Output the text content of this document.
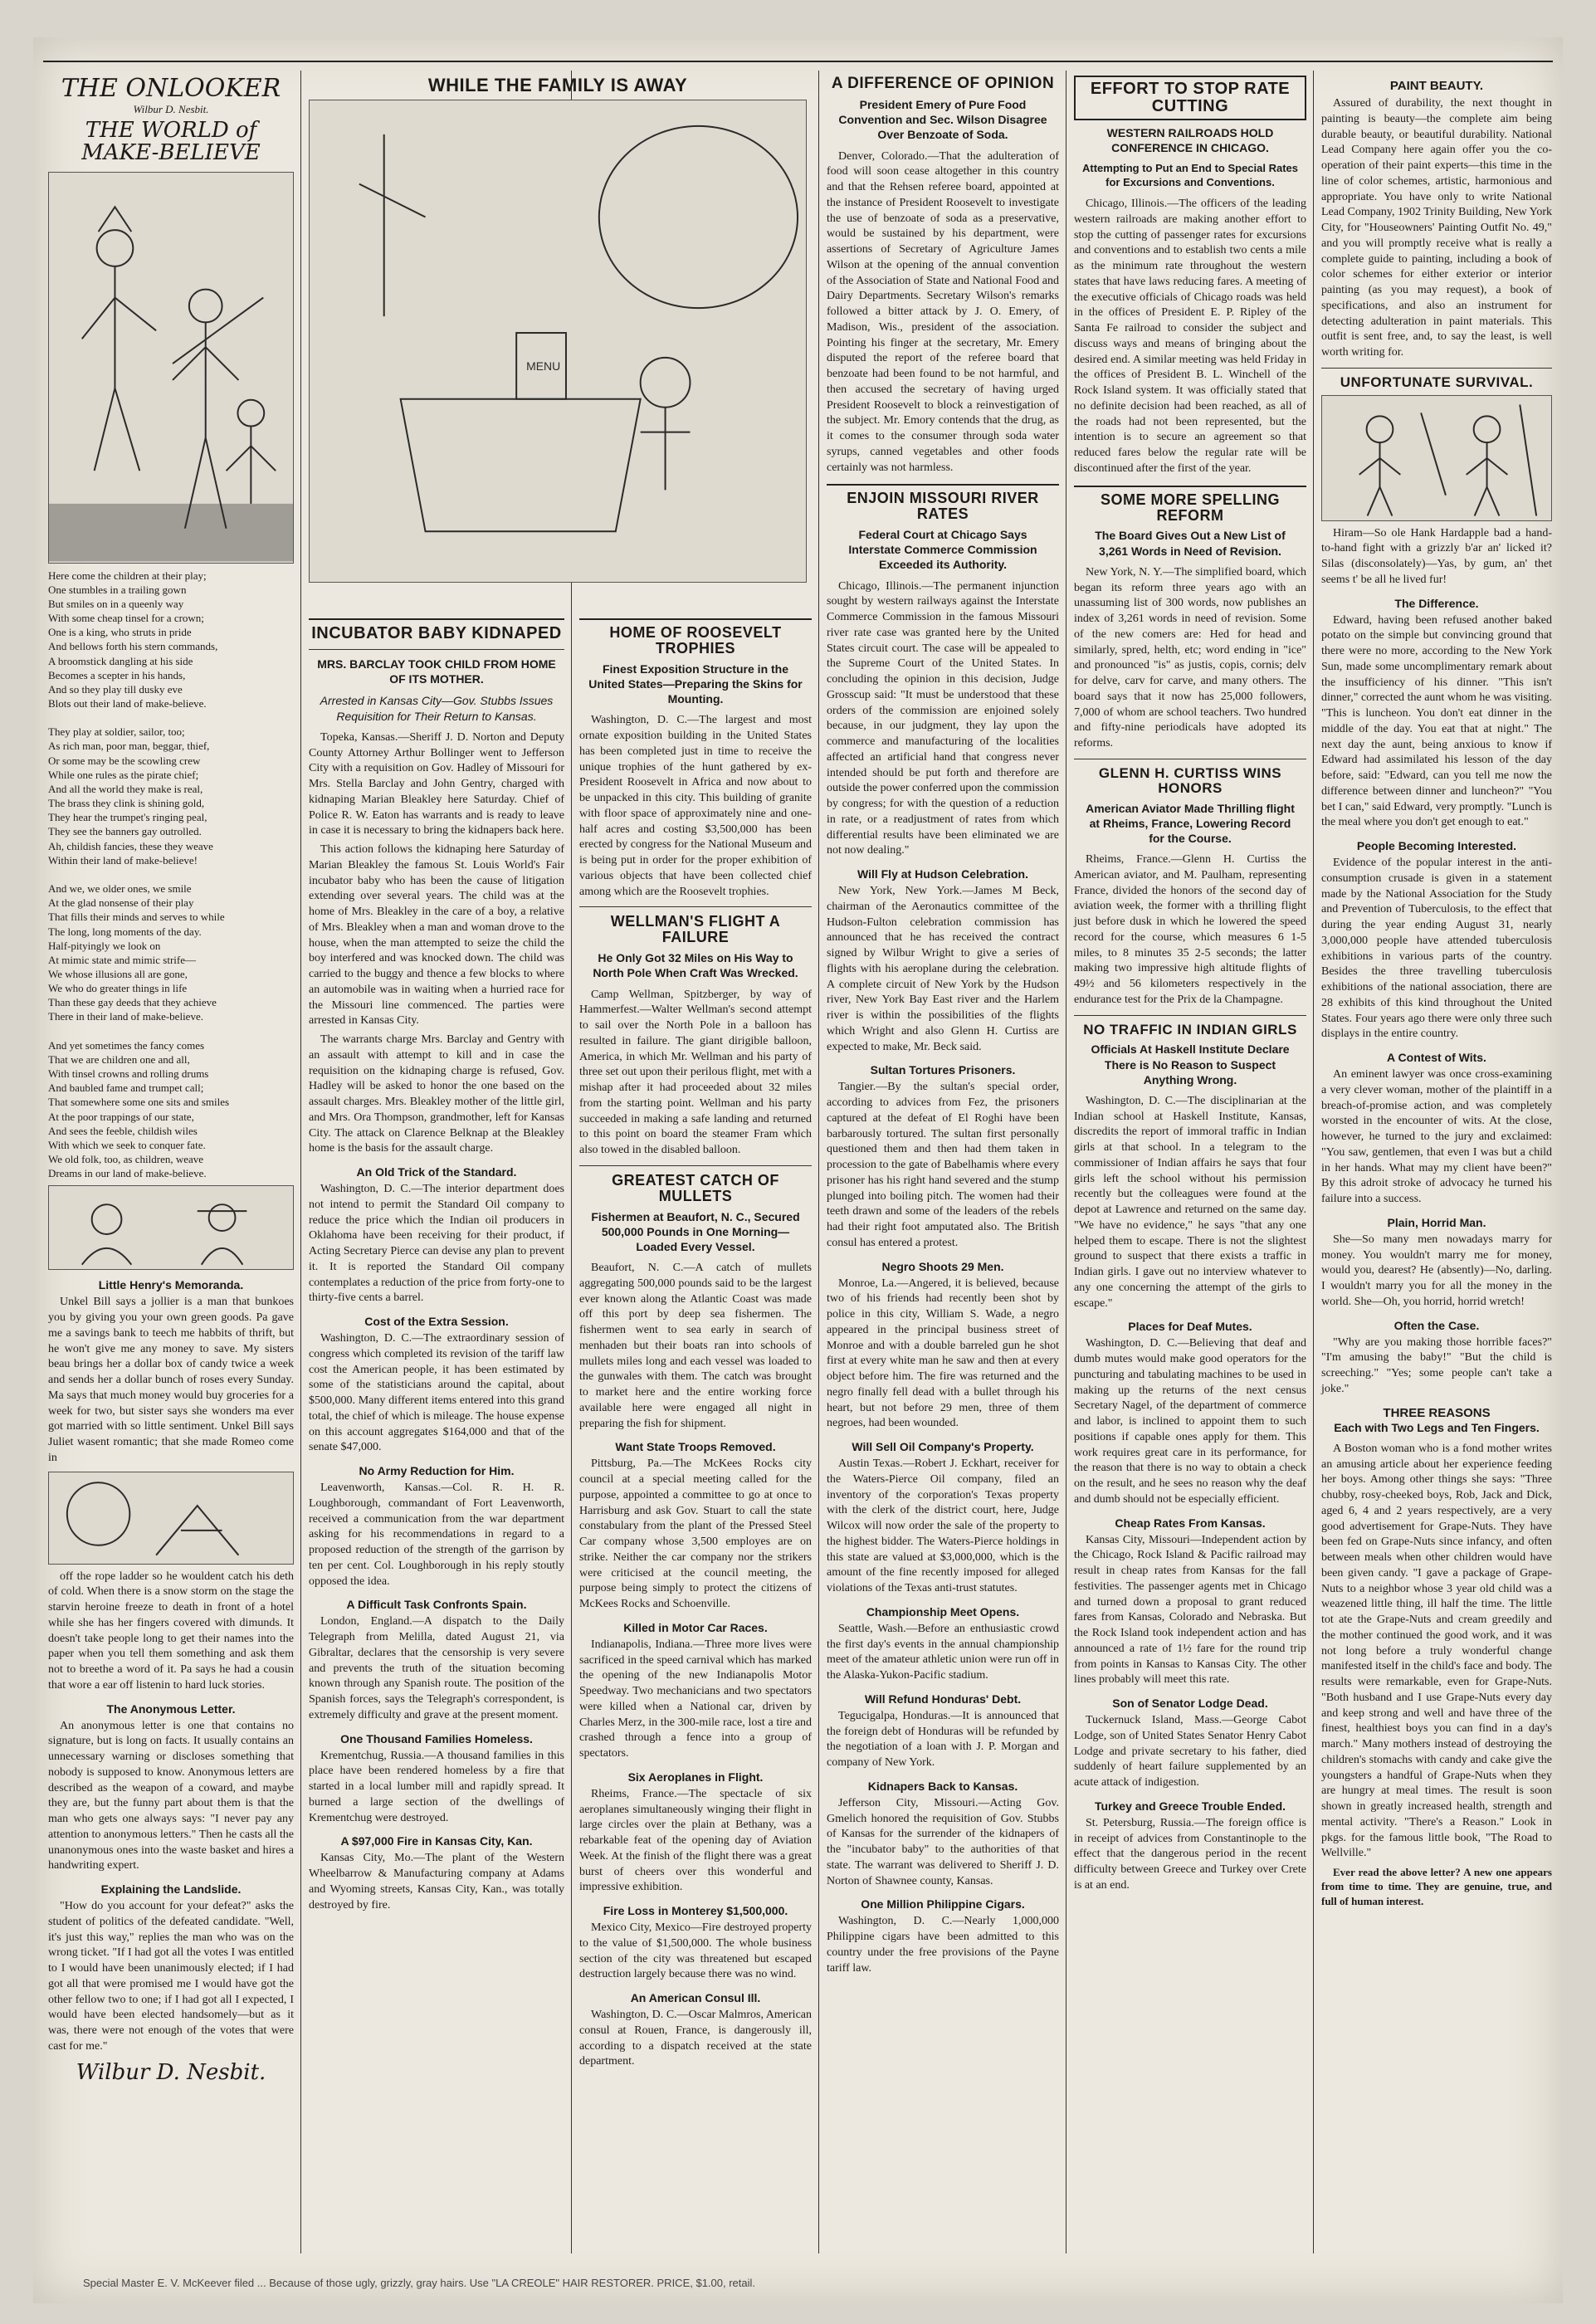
THE ONLOOKER
Wilbur D. Nesbit.
THE WORLD of MAKE-BELIEVE

Here come the children at their play;
One stumbles in a trailing gown
But smiles on in a queenly way
With some cheap tinsel for a crown;
One is a king, who struts in pride
And bellows forth his stern commands,
A broomstick dangling at his side
Becomes a scepter in his hands,
And so they play till dusky eve
Blots out their land of make-believe.

They play at soldier, sailor, too;
As rich man, poor man, beggar, thief,
Or some may be the scowling crew
While one rules as the pirate chief;
And all the world they make is real,
The brass they clink is shining gold,
They hear the trumpet's ringing peal,
They see the banners gay outrolled.
Ah, childish fancies, these they weave
Within their land of make-believe!

And we, we older ones, we smile
At the glad nonsense of their play
That fills their minds and serves to while
The long, long moments of the day.
Half-pityingly we look on
At mimic state and mimic strife—
We whose illusions all are gone,
We who do greater things in life
Than these gay deeds that they achieve
There in their land of make-believe.

And yet sometimes the fancy comes
That we are children one and all,
With tinsel crowns and rolling drums
And baubled fame and trumpet call;
That somewhere some one sits and smiles
At the poor trappings of our state,
And sees the feeble, childish wiles
With which we seek to conquer fate.
We old folk, too, as children, weave
Dreams in our land of make-believe.

Little Henry's Memoranda.

Unkel Bill says a jollier is a man that bunkoes you by giving you your own green goods. Pa gave me a savings bank to teech me habbits of thrift, but he won't give me any money to save. My sisters beau brings her a dollar box of candy twice a week and sends her a dollar bunch of roses every Sunday. Ma says that much money would buy groceries for a week for two, but sister says she wonders ma ever got married with so little sentiment. Unkel Bill says Juliet wasent romantic; that she made Romeo come in

off the rope ladder so he wouldent catch his deth of cold. When there is a snow storm on the stage the starvin heroine freeze to death in front of a hotel while she has her fingers covered with dimunds. It doesn't take people long to get their names into the paper when you tell them something and ask them not to breethe a word of it. Pa says he had a cousin that wore a ear off listenin to hard luck stories.

The Anonymous Letter.

An anonymous letter is one that contains no signature, but is long on facts. It usually contains an unnecessary warning or discloses something that nobody is supposed to know. Anonymous letters are described as the weapon of a coward, and maybe they are, but the funny part about them is that the man who gets one always says: "I never pay any attention to anonymous letters." Then he casts all the unanonymous ones into the waste basket and hires a handwriting expert.

Explaining the Landslide.

"How do you account for your defeat?" asks the student of politics of the defeated candidate. "Well, it's just this way," replies the man who was on the wrong ticket. "If I had got all the votes I was entitled to I would have been unanimously elected; if I had got all that were promised me I would have got the other fellow two to one; if I had got all I expected, I would have been elected handsomely—but as it was, there were not enough of the votes that were cast for me."

Wilbur D. Nesbit.
WHILE THE FAMILY IS AWAY
MENU
INCUBATOR BABY KIDNAPED
MRS. BARCLAY TOOK CHILD FROM HOME OF ITS MOTHER.
Arrested in Kansas City—Gov. Stubbs Issues Requisition for Their Return to Kansas.

Topeka, Kansas.—Sheriff J. D. Norton and Deputy County Attorney Arthur Bollinger went to Jefferson City with a requisition on Gov. Hadley of Missouri for Mrs. Stella Barclay and John Gentry, charged with kidnaping Marian Bleakley here Saturday. Chief of Police R. W. Eaton has warrants and is ready to leave in case it is necessary to bring the kidnapers back here.

This action follows the kidnaping here Saturday of Marian Bleakley the famous St. Louis World's Fair incubator baby who has been the cause of litigation extending over several years. The child was at the home of Mrs. Bleakley in the care of a boy, a relative of Mrs. Bleakley when a man and woman drove to the house, when the man attempted to seize the child the boy interfered and was knocked down. The child was carried to the buggy and thence a few blocks to where an automobile was in waiting when a hurried race for the Missouri line commenced. The parties were arrested in Kansas City.

The warrants charge Mrs. Barclay and Gentry with an assault with attempt to kill and in case the requisition on the kidnaping charge is refused, Gov. Hadley will be asked to honor the one based on the assault charges. Mrs. Bleakley mother of the little girl, and Mrs. Ora Thompson, grandmother, left for Kansas City. The attack on Clarence Belknap at the Bleakley home is the basis for the assault charge.

An Old Trick of the Standard.

Washington, D. C.—The interior department does not intend to permit the Standard Oil company to reduce the price which the Indian oil producers in Oklahoma have been receiving for their product, if Acting Secretary Pierce can devise any plan to prevent it. It is reported the Standard Oil company contemplates a reduction of the price from forty-one to thirty-five cents a barrel.

Cost of the Extra Session.

Washington, D. C.—The extraordinary session of congress which completed its revision of the tariff law cost the American people, it has been estimated by some of the statisticians around the capital, about $500,000. Many different items entered into this grand total, the chief of which is mileage. The house expense on this account aggregates $164,000 and that of the senate $47,000.

No Army Reduction for Him.

Leavenworth, Kansas.—Col. R. H. R. Loughborough, commandant of Fort Leavenworth, received a communication from the war department asking for his recommendations in regard to a proposed reduction of the strength of the garrison by ten per cent. Col. Loughborough in his reply stoutly opposed the idea.

A Difficult Task Confronts Spain.

London, England.—A dispatch to the Daily Telegraph from Melilla, dated August 21, via Gibraltar, declares that the censorship is very severe and prevents the truth of the situation becoming known through any Spanish route. The position of the Spanish forces, says the Telegraph's correspondent, is extremely difficulty and grave at the present moment.

One Thousand Families Homeless.

Krementchug, Russia.—A thousand families in this place have been rendered homeless by a fire that started in a local lumber mill and rapidly spread. It burned a large section of the dwellings of Krementchug were destroyed.

A $97,000 Fire in Kansas City, Kan.

Kansas City, Mo.—The plant of the Western Wheelbarrow & Manufacturing company at Adams and Wyoming streets, Kansas City, Kan., was totally destroyed by fire.

HOME OF ROOSEVELT TROPHIES
Finest Exposition Structure in the United States—Preparing the Skins for Mounting.

Washington, D. C.—The largest and most ornate exposition building in the United States has been completed just in time to receive the unique trophies of the hunt gathered by ex-President Roosevelt in Africa and now about to be unpacked in this city. This building of granite with floor space of approximately nine and one-half acres and costing $3,500,000 has been erected by congress for the National Museum and is being put in order for the proper exhibition of various objects that have been collected chief among which are the Roosevelt trophies.

WELLMAN'S FLIGHT A FAILURE
He Only Got 32 Miles on His Way to North Pole When Craft Was Wrecked.

Camp Wellman, Spitzberger, by way of Hammerfest.—Walter Wellman's second attempt to sail over the North Pole in a balloon has resulted in failure. The giant dirigible balloon, America, in which Mr. Wellman and his party of three set out upon their perilous flight, met with a mishap after it had proceeded about 32 miles from the starting point. Wellman and his party succeeded in making a safe landing and returned to this point on board the steamer Fram which also towed in the disabled balloon.

GREATEST CATCH OF MULLETS
Fishermen at Beaufort, N. C., Secured 500,000 Pounds in One Morning—Loaded Every Vessel.

Beaufort, N. C.—A catch of mullets aggregating 500,000 pounds said to be the largest ever known along the Atlantic Coast was made off this port by deep sea fishermen. The fishermen went to sea early in search of menhaden but their boats ran into schools of mullets miles long and each vessel was loaded to the gunwales with them. The catch was brought to market here and the entire working force available here were engaged all night in preparing the fish for shipment.

Want State Troops Removed.

Pittsburg, Pa.—The McKees Rocks city council at a special meeting called for the purpose, appointed a committee to go at once to Harrisburg and ask Gov. Stuart to call the state constabulary from the plant of the Pressed Steel Car company whose 3,500 employes are on strike. Neither the car company nor the strikers were criticised at the council meeting, the purpose being simply to protect the citizens of McKees Rocks and Schoenville.

Killed in Motor Car Races.

Indianapolis, Indiana.—Three more lives were sacrificed in the speed carnival which has marked the opening of the new Indianapolis Motor Speedway. Two mechanicians and two spectators were killed when a National car, driven by Charles Merz, in the 300-mile race, lost a tire and crashed through a fence into a group of spectators.

Six Aeroplanes in Flight.

Rheims, France.—The spectacle of six aeroplanes simultaneously winging their flight in large circles over the plain at Bethany, was a rebarkable feat of the opening day of Aviation Week. At the finish of the flight there was a great burst of cheers over this wonderful and impressive exhibition.

Fire Loss in Monterey $1,500,000.

Mexico City, Mexico—Fire destroyed property to the value of $1,500,000. The whole business section of the city was threatened but escaped destruction largely because there was no wind.

An American Consul Ill.

Washington, D. C.—Oscar Malmros, American consul at Rouen, France, is dangerously ill, according to a dispatch received at the state department.

A DIFFERENCE OF OPINION
President Emery of Pure Food Convention and Sec. Wilson Disagree Over Benzoate of Soda.

Denver, Colorado.—That the adulteration of food will soon cease altogether in this country and that the Rehsen referee board, appointed at the instance of President Roosevelt to investigate the use of benzoate of soda as a preservative, would be sustained by his department, were assertions of Secretary of Agriculture James Wilson at the opening of the annual convention of the Association of State and National Food and Dairy Departments. Secretary Wilson's remarks followed a bitter attack by J. O. Emery, of Madison, Wis., president of the association. Pointing his finger at the secretary, Mr. Emery disputed the report of the referee board that benzoate had been found to be not harmful, and then accused the secretary of having urged President Roosevelt to block a reinvestigation of the subject. Mr. Emory contends that the drug, as it comes to the consumer through soda water syrups, canned vegetables and other foods certainly was not harmless.

ENJOIN MISSOURI RIVER RATES
Federal Court at Chicago Says Interstate Commerce Commission Exceeded its Authority.

Chicago, Illinois.—The permanent injunction sought by western railways against the Interstate Commerce Commission in the famous Missouri river rate case was granted here by the United States circuit court. The case will be appealed to the Supreme Court of the United States. In concluding the opinion in this decision, Judge Grosscup said: "It must be understood that these orders of the commission are enjoined solely because, in our judgment, they lay upon the commerce and manufacturing of the localities affected an artificial hand that congress never intended should be put forth and therefore are outside the power conferred upon the commission by congress; for with the question of a reduction in rate, or a readjustment of rates from which differential results have been eliminated we are not now dealing."

Will Fly at Hudson Celebration.

New York, New York.—James M Beck, chairman of the Aeronautics committee of the Hudson-Fulton celebration commission has announced that he has received the contract signed by Wilbur Wright to give a series of flights with his aeroplane during the celebration. A complete circuit of New York by the Hudson river, New York Bay East river and the Harlem river is within the possibilities of the flights which Wright and also Glenn H. Curtiss are expected to make, Mr. Beck said.

Sultan Tortures Prisoners.

Tangier.—By the sultan's special order, according to advices from Fez, the prisoners captured at the defeat of El Roghi have been barbarously tortured. The sultan first personally questioned them and then had them taken in procession to the gate of Babelhamis where every prisoner has his right hand severed and the stump plunged into boiling pitch. The women had their teeth drawn and some of the leaders of the rebels had their right foot amputated also. The British consul has entered a protest.

Negro Shoots 29 Men.

Monroe, La.—Angered, it is believed, because two of his friends had recently been shot by police in this city, William S. Wade, a negro appeared in the principal business street of Monroe and with a double barreled gun he shot first at every white man he saw and then at every object before him. The fire was returned and the negro finally fell dead with a bullet through his heart, but not before 29 men, three of them negroes, had been wounded.

Will Sell Oil Company's Property.

Austin Texas.—Robert J. Eckhart, receiver for the Waters-Pierce Oil company, filed an inventory of the corporation's Texas property with the clerk of the district court, here, Judge Wilcox will now order the sale of the property to the highest bidder. The Waters-Pierce holdings in this state are valued at $3,000,000, which is the amount of the fine recently imposed for alleged violations of the Texas anti-trust statutes.

Championship Meet Opens.

Seattle, Wash.—Before an enthusiastic crowd the first day's events in the annual championship meet of the amateur athletic union were run off in the Alaska-Yukon-Pacific stadium.

Will Refund Honduras' Debt.

Tegucigalpa, Honduras.—It is announced that the foreign debt of Honduras will be refunded by the negotiation of a loan with J. P. Morgan and company of New York.

Kidnapers Back to Kansas.

Jefferson City, Missouri.—Acting Gov. Gmelich honored the requisition of Gov. Stubbs of Kansas for the surrender of the kidnapers of the "incubator baby" to the authorities of that state. The warrant was delivered to Sheriff J. D. Norton of Shawnee county, Kansas.

One Million Philippine Cigars.

Washington, D. C.—Nearly 1,000,000 Philippine cigars have been admitted to this country under the free provisions of the Payne tariff law.

EFFORT TO STOP RATE CUTTING
WESTERN RAILROADS HOLD CONFERENCE IN CHICAGO.
Attempting to Put an End to Special Rates for Excursions and Conventions.

Chicago, Illinois.—The officers of the leading western railroads are making another effort to stop the cutting of passenger rates for excursions and conventions and to establish two cents a mile as the minimum rate throughout the western states that have laws reducing fares. A meeting of the executive officials of Chicago roads was held in the offices of President E. P. Ripley of the Santa Fe railroad to consider the subject and discuss ways and means of bringing about the desired end. A similar meeting was held Friday in the offices of President B. L. Winchell of the Rock Island system. It was officially stated that no definite decision had been reached, as all of the roads had not been represented, but the intention is to secure an agreement so that reduced fares below the regular rate will be discontinued after the first of the year.

SOME MORE SPELLING REFORM
The Board Gives Out a New List of 3,261 Words in Need of Revision.

New York, N. Y.—The simplified board, which began its reform three years ago with an unassuming list of 300 words, now publishes an index of 3,261 words in need of revision. Some of the new comers are: Hed for head and similarly, spred, helth, etc; word ending in "ice" and pronounced "is" as justis, copis, cornis; delv for delve, carv for carve, and many others. The board says that it now has 25,000 followers, 7,000 of whom are school teachers. Two hundred and fifty-nine periodicals have adopted its reforms.

GLENN H. CURTISS WINS HONORS
American Aviator Made Thrilling flight at Rheims, France, Lowering Record for the Course.

Rheims, France.—Glenn H. Curtiss the American aviator, and M. Paulham, representing France, divided the honors of the second day of aviation week, the former with a thrilling flight just before dusk in which he lowered the speed record for the course, which measures 6 1-5 miles, to 8 minutes 35 2-5 seconds; the latter making two impressive high altitude flights of 49½ and 56 kilometers respectively in the endurance test for the Prix de la Champagne.

NO TRAFFIC IN INDIAN GIRLS
Officials At Haskell Institute Declare There is No Reason to Suspect Anything Wrong.

Washington, D. C.—The disciplinarian at the Indian school at Haskell Institute, Kansas, discredits the report of immoral traffic in Indian girls at that school. In a telegram to the commissioner of Indian affairs he says that four girls left the school without his permission recently but the colleagues were found at the depot at Lawrence and returned on the same day. "We have no evidence," he says "that any one helped them to escape. There is not the slightest ground to suspect that there exists a traffic in Indian girls. I gave out no interview whatever to any one concerning the attempt of the girls to escape."

Places for Deaf Mutes.

Washington, D. C.—Believing that deaf and dumb mutes would make good operators for the puncturing and tabulating machines to be used in making up the returns of the next census Secretary Nagel, of the department of commerce and labor, is inclined to appoint them to such positions if capable ones apply for them. This work requires great care in its performance, for the reason that there is no way to obtain a check on the result, and he sees no reason why the deaf and dumb should not be especially efficient.

Cheap Rates From Kansas.

Kansas City, Missouri—Independent action by the Chicago, Rock Island & Pacific railroad may result in cheap rates from Kansas for the fall festivities. The passenger agents met in Chicago and turned down a proposal to grant reduced fares from Kansas, Colorado and Nebraska. But the Rock Island took independent action and has announced a rate of 1½ fare for the round trip from points in Kansas to Kansas City. The other lines probably will meet this rate.

Son of Senator Lodge Dead.

Tuckernuck Island, Mass.—George Cabot Lodge, son of United States Senator Henry Cabot Lodge and private secretary to his father, died suddenly of heart failure supplemented by an acute attack of indigestion.

Turkey and Greece Trouble Ended.

St. Petersburg, Russia.—The foreign office is in receipt of advices from Constantinople to the effect that the dangerous period in the recent difficulty between Greece and Turkey over Crete is at an end.

PAINT BEAUTY.

Assured of durability, the next thought in painting is beauty—the complete aim being durable beauty, or beautiful durability. National Lead Company here again offer you the co-operation of their paint experts—this time in the line of color schemes, artistic, harmonious and appropriate. You have only to write National Lead Company, 1902 Trinity Building, New York City, for "Houseowners' Painting Outfit No. 49," and you will promptly receive what is really a complete guide to painting, including a book of color schemes for either exterior or interior painting (as you may request), a book of specifications, and also an instrument for detecting adulteration in paint materials. This outfit is sent free, and, to say the least, is well worth writing for.

UNFORTUNATE SURVIVAL.

Hiram—So ole Hank Hardapple bad a hand-to-hand fight with a grizzly b'ar an' licked it? Silas (disconsolately)—Yas, by gum, an' thet seems t' be all he lived fur!

The Difference.

Edward, having been refused another baked potato on the simple but convincing ground that there were no more, according to the New York Sun, made some uncomplimentary remark about the insufficiency of his dinner. "This isn't dinner," corrected the aunt whom he was visiting. "This is luncheon. You don't eat dinner in the middle of the day. You eat that at night." The next day the aunt, being anxious to know if Edward had assimilated his lesson of the day before, said: "Edward, can you tell me now the difference between dinner and luncheon?" "You bet I can," said Edward, very promptly. "Lunch is the meal where you don't get enough to eat."

People Becoming Interested.

Evidence of the popular interest in the anti-consumption crusade is given in a statement made by the National Association for the Study and Prevention of Tuberculosis, to the effect that during the year ending August 31, nearly 3,000,000 people have attended tuberculosis exhibitions in various parts of the country. Besides the three travelling tuberculosis exhibitions of the national association, there are 28 exhibits of this kind throughout the United States. Four years ago there were only three such displays in the entire country.

A Contest of Wits.

An eminent lawyer was once cross-examining a very clever woman, mother of the plaintiff in a breach-of-promise action, and was completely worsted in the encounter of wits. At the close, however, he turned to the jury and exclaimed: "You saw, gentlemen, that even I was but a child in her hands. What may my client have been?" By this adroit stroke of advocacy he turned his failure into a success.

Plain, Horrid Man.

She—So many men nowadays marry for money. You wouldn't marry me for money, would you, dearest? He (absently)—No, darling. I wouldn't marry you for all the money in the world. She—Oh, you horrid, horrid wretch!

Often the Case.

"Why are you making those horrible faces?" "I'm amusing the baby!" "But the child is screeching." "Yes; some people can't take a joke."

THREE REASONS
Each with Two Legs and Ten Fingers.

A Boston woman who is a fond mother writes an amusing article about her experience feeding her boys. Among other things she says: "Three chubby, rosy-cheeked boys, Rob, Jack and Dick, aged 6, 4 and 2 years respectively, are a very good advertisement for Grape-Nuts. They have been fed on Grape-Nuts since infancy, and often between meals when other children would have been given candy. "I gave a package of Grape-Nuts to a neighbor whose 3 year old child was a weazened little thing, ill half the time. The little tot ate the Grape-Nuts and cream greedily and the mother continued the good work, and it was not long before a truly wonderful change manifested itself in the child's face and body. The results were remarkable, even for Grape-Nuts. "Both husband and I use Grape-Nuts every day and keep strong and well and have three of the finest, healthiest boys you can find in a day's march." Many mothers instead of destroying the children's stomachs with candy and cake give the youngsters a handful of Grape-Nuts when they are hungry at meal times. The result is soon shown in greatly increased health, strength and mental activity. "There's a Reason." Look in pkgs. for the famous little book, "The Road to Wellville."

Ever read the above letter? A new one appears from time to time. They are genuine, true, and full of human interest.

Special Master E. V. McKeever filed ... Because of those ugly, grizzly, gray hairs. Use "LA CREOLE" HAIR RESTORER. PRICE, $1.00, retail.
